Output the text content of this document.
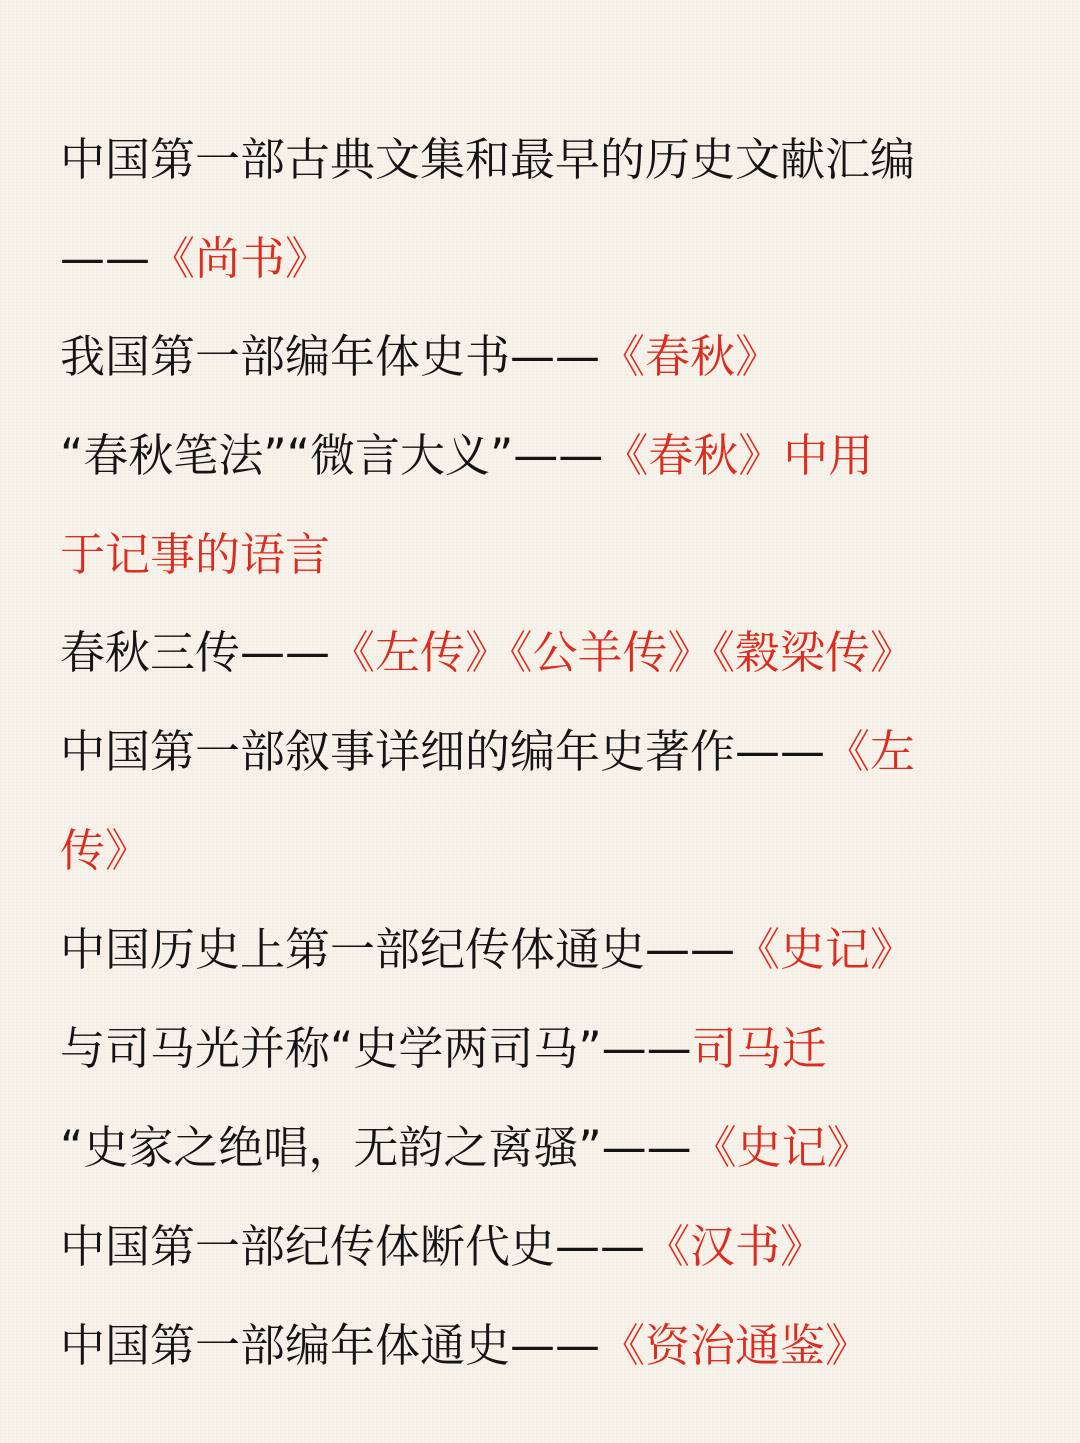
中国第一部古典文集和最早的历史文献汇编
——《尚书》
我国第一部编年体史书——《春秋》
“春秋笔法”“微言大义”——《春秋》中用
于记事的语言
春秋三传——《左传》《公羊传》《穀梁传》
中国第一部叙事详细的编年史著作——《左
传》
中国历史上第一部纪传体通史——《史记》
与司马光并称“史学两司马”——司马迁
“史家之绝唱，无韵之离骚”——《史记》
中国第一部纪传体断代史——《汉书》
中国第一部编年体通史——《资治通鉴》
